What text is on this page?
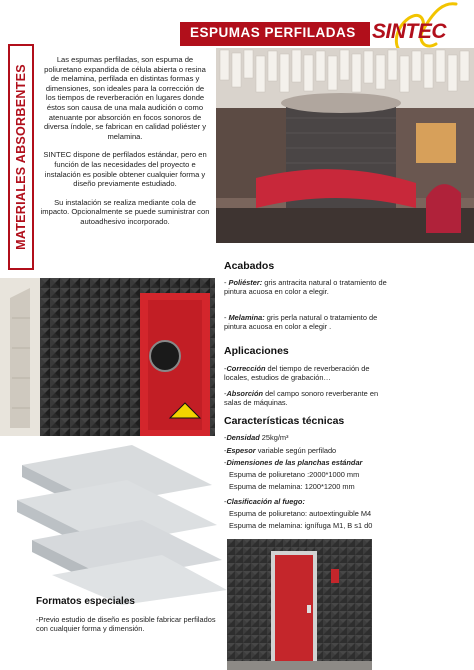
ESPUMAS PERFILADAS SINTEC
MATERIALES ABSORBENTES

Las espumas perfiladas, son espuma de poliuretano expandida de célula abierta o resina de melamina, perfilada en distintas formas y dimensiones, son ideales para la corrección de los tiempos de reverberación en lugares donde éstos son causa de una mala audición o como atenuante por absorción en focos sonoros de diversa índole, se fabrican en calidad poliéster y melamina.

SINTEC dispone de perfilados estándar, pero en función de las necesidades del proyecto e instalación es posible obtener cualquier forma y diseño previamente estudiado.

Su instalación se realiza mediante cola de impacto. Opcionalmente se puede suministrar con autoadhesivo incorporado.

Acabados
- Poliéster: gris antracita natural o tratamiento de pintura acuosa en color a elegir.
- Melamina: gris perla natural o tratamiento de pintura acuosa en color a elegir .
Aplicaciones
-Corrección del tiempo de reverberación de locales, estudios de grabación…
-Absorción del campo sonoro reverberante en salas de máquinas.
Características técnicas
-Densidad 25kg/m³
-Espesor variable según perfilado
-Dimensiones de las planchas estándar
Espuma de poliuretano :2000*1000 mm
Espuma de melamina: 1200*1200 mm
-Clasificación al fuego:
Espuma de poliuretano: autoextinguible M4
Espuma de melamina: ignífuga M1, B s1 d0
Formatos especiales
-Previo estudio de diseño es posible fabricar perfilados con cualquier forma y dimensión.
